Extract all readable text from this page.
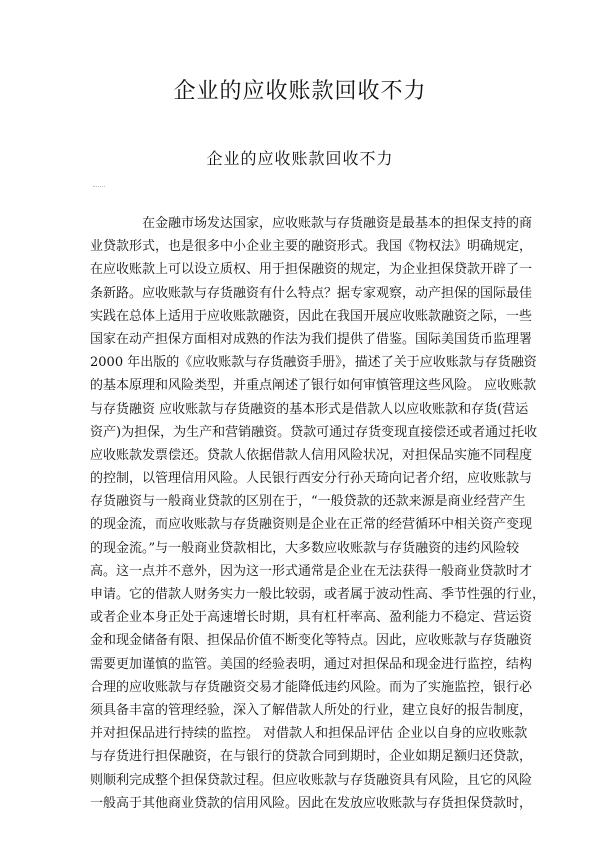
企业的应收账款回收不力
企业的应收账款回收不力
在金融市场发达国家，应收账款与存货融资是最基本的担保支持的商
业贷款形式，也是很多中小企业主要的融资形式。我国《物权法》明确规定，
在应收账款上可以设立质权、用于担保融资的规定，为企业担保贷款开辟了一
条新路。应收账款与存货融资有什么特点？据专家观察，动产担保的国际最佳
实践在总体上适用于应收账款融资，因此在我国开展应收账款融资之际，一些
国家在动产担保方面相对成熟的作法为我们提供了借鉴。国际美国货币监理署
2000 年出版的《应收账款与存货融资手册》，描述了关于应收账款与存货融资
的基本原理和风险类型，并重点阐述了银行如何审慎管理这些风险。 应收账款
与存货融资 应收账款与存货融资的基本形式是借款人以应收账款和存货(营运
资产)为担保，为生产和营销融资。贷款可通过存货变现直接偿还或者通过托收
应收账款发票偿还。贷款人依据借款人信用风险状况，对担保品实施不同程度
的控制，以管理信用风险。人民银行西安分行孙天琦向记者介绍，应收账款与
存货融资与一般商业贷款的区别在于，“一般贷款的还款来源是商业经营产生
的现金流，而应收账款与存货融资则是企业在正常的经营循环中相关资产变现
的现金流。”与一般商业贷款相比，大多数应收账款与存货融资的违约风险较
高。这一点并不意外，因为这一形式通常是企业在无法获得一般商业贷款时才
申请。它的借款人财务实力一般比较弱，或者属于波动性高、季节性强的行业，
或者企业本身正处于高速增长时期，具有杠杆率高、盈利能力不稳定、营运资
金和现金储备有限、担保品价值不断变化等特点。因此，应收账款与存货融资
需要更加谨慎的监管。美国的经验表明，通过对担保品和现金进行监控，结构
合理的应收账款与存货融资交易才能降低违约风险。而为了实施监控，银行必
须具备丰富的管理经验，深入了解借款人所处的行业，建立良好的报告制度，
并对担保品进行持续的监控。 对借款人和担保品评估 企业以自身的应收账款
与存货进行担保融资，在与银行的贷款合同到期时，企业如期足额归还贷款，
则顺利完成整个担保贷款过程。但应收账款与存货融资具有风险，且它的风险
一般高于其他商业贷款的信用风险。因此在发放应收账款与存货担保贷款时，
